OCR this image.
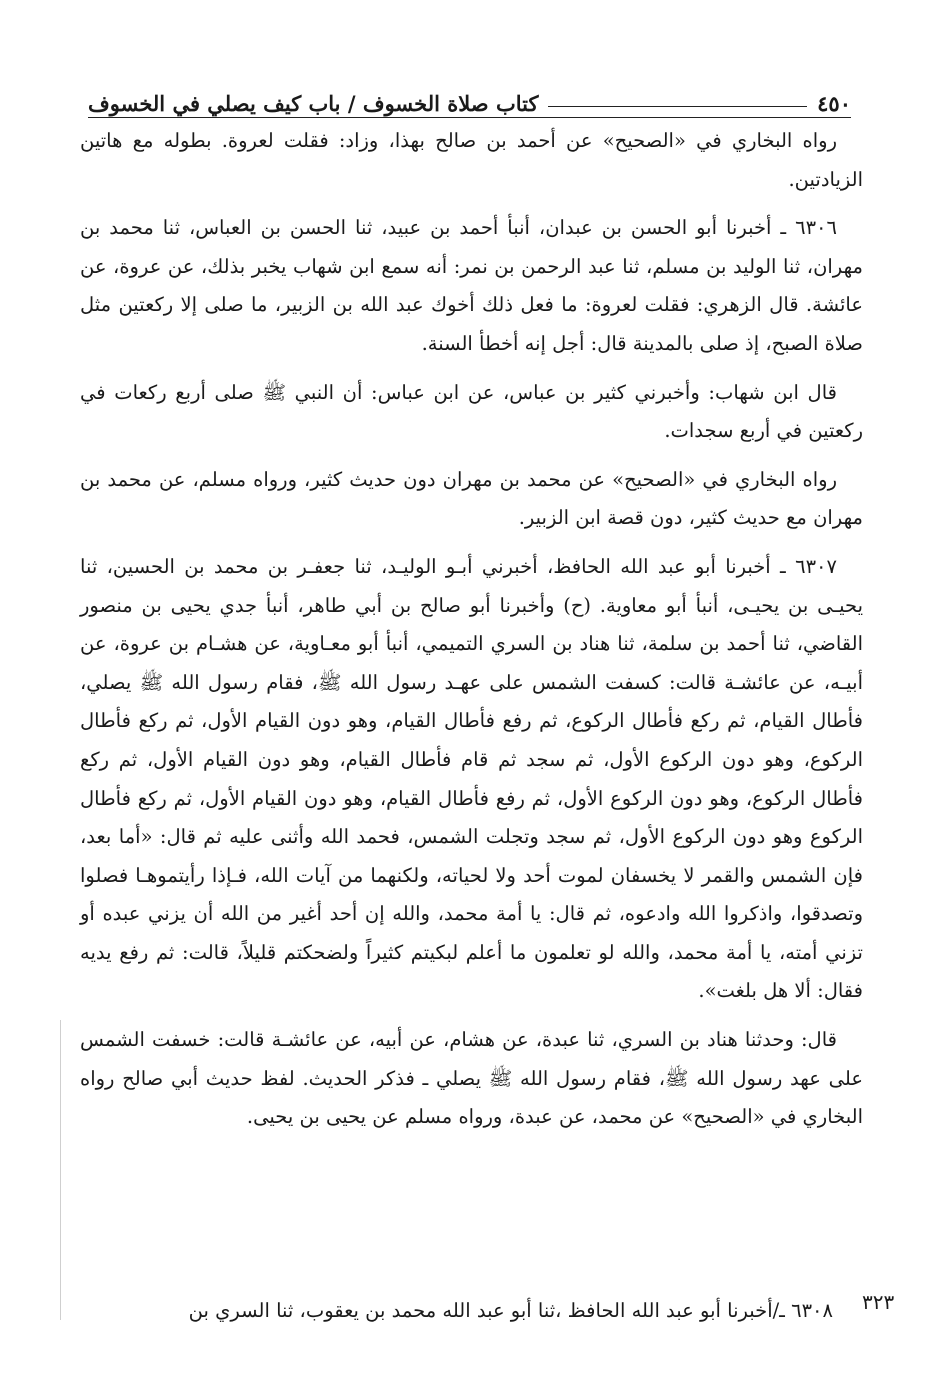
٤٥٠
كتاب صلاة الخسوف / باب كيف يصلي في الخسوف

رواه البخاري في «الصحيح» عن أحمد بن صالح بهذا، وزاد: فقلت لعروة. بطوله مع هاتين الزيادتين.

٦٣٠٦ ـ أخبرنا أبو الحسن بن عبدان، أنبأ أحمد بن عبيد، ثنا الحسن بن العباس، ثنا محمد بن مهران، ثنا الوليد بن مسلم، ثنا عبد الرحمن بن نمر: أنه سمع ابن شهاب يخبر بذلك، عن عروة، عن عائشة. قال الزهري: فقلت لعروة: ما فعل ذلك أخوك عبد الله بن الزبير، ما صلى إلا ركعتين مثل صلاة الصبح، إذ صلى بالمدينة قال: أجل إنه أخطأ السنة.

قال ابن شهاب: وأخبرني كثير بن عباس، عن ابن عباس: أن النبي ﷺ صلى أربع ركعات في ركعتين في أربع سجدات.

رواه البخاري في «الصحيح» عن محمد بن مهران دون حديث كثير، ورواه مسلم، عن محمد بن مهران مع حديث كثير، دون قصة ابن الزبير.

٦٣٠٧ ـ أخبرنا أبو عبد الله الحافظ، أخبرني أبـو الوليـد، ثنا جعفـر بن محمد بن الحسين، ثنا يحيـى بن يحيـى، أنبأ أبو معاوية. (ح) وأخبرنا أبو صالح بن أبي طاهر، أنبأ جدي يحيى بن منصور القاضي، ثنا أحمد بن سلمة، ثنا هناد بن السري التميمي، أنبأ أبو معـاوية، عن هشـام بن عروة، عن أبيـه، عن عائشـة قالت: كسفت الشمس على عهـد رسول الله ﷺ، فقام رسول الله ﷺ يصلي، فأطال القيام، ثم ركع فأطال الركوع، ثم رفع فأطال القيام، وهو دون القيام الأول، ثم ركع فأطال الركوع، وهو دون الركوع الأول، ثم سجد ثم قام فأطال القيام، وهو دون القيام الأول، ثم ركع فأطال الركوع، وهو دون الركوع الأول، ثم رفع فأطال القيام، وهو دون القيام الأول، ثم ركع فأطال الركوع وهو دون الركوع الأول، ثم سجد وتجلت الشمس، فحمد الله وأثنى عليه ثم قال: «أما بعد، فإن الشمس والقمر لا يخسفان لموت أحد ولا لحياته، ولكنهما من آيات الله، فـإذا رأيتموهـا فصلوا وتصدقوا، واذكروا الله وادعوه، ثم قال: يا أمة محمد، والله إن أحد أغير من الله أن يزني عبده أو تزني أمته، يا أمة محمد، والله لو تعلمون ما أعلم لبكيتم كثيراً ولضحكتم قليلاً، قالت: ثم رفع يديه فقال: ألا هل بلغت».

قال: وحدثنا هناد بن السري، ثنا عبدة، عن هشام، عن أبيه، عن عائشـة قالت: خسفت الشمس على عهد رسول الله ﷺ، فقام رسول الله ﷺ يصلي ـ فذكر الحديث. لفظ حديث أبي صالح رواه البخاري في «الصحيح» عن محمد، عن عبدة، ورواه مسلم عن يحيى بن يحيى.

٣٢٣
٦٣٠٨ ـ/أخبرنا أبو عبد الله الحافظ ،ثنا أبو عبد الله محمد بن يعقوب، ثنا السري بن
